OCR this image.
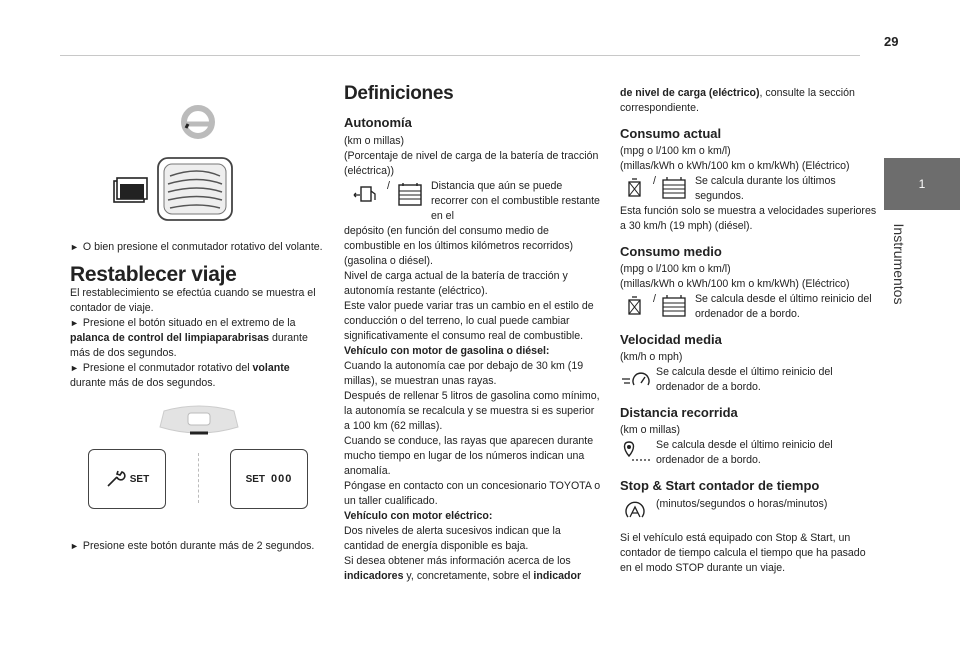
29
1
Instrumentos

► O bien presione el conmutador rotativo del volante.

Restablecer viaje

El restablecimiento se efectúa cuando se muestra el contador de viaje.

► Presione el botón situado en el extremo de la palanca de control del limpiaparabrisas durante más de dos segundos.

► Presione el conmutador rotativo del volante durante más de dos segundos.

SET	SET 000

► Presione este botón durante más de 2 segundos.

Definiciones
Autonomía

(km o millas)

(Porcentaje de nivel de carga de la batería de tracción (eléctrica))

/	Distancia que aún se puede recorrer con el combustible restante en el

depósito (en función del consumo medio de combustible en los últimos kilómetros recorridos) (gasolina o diésel).

Nivel de carga actual de la batería de tracción y autonomía restante (eléctrico).

Este valor puede variar tras un cambio en el estilo de conducción o del terreno, lo cual puede cambiar significativamente el consumo real de combustible.

Vehículo con motor de gasolina o diésel:

Cuando la autonomía cae por debajo de 30 km (19 millas), se muestran unas rayas.

Después de rellenar 5 litros de gasolina como mínimo, la autonomía se recalcula y se muestra si es superior a 100 km (62 millas).

Cuando se conduce, las rayas que aparecen durante mucho tiempo en lugar de los números indican una anomalía.

Póngase en contacto con un concesionario TOYOTA o un taller cualificado.

Vehículo con motor eléctrico:

Dos niveles de alerta sucesivos indican que la cantidad de energía disponible es baja.

Si desea obtener más información acerca de los indicadores y, concretamente, sobre el indicador

de nivel de carga (eléctrico), consulte la sección correspondiente.

Consumo actual

(mpg o l/100 km o km/l)

(millas/kWh o kWh/100 km o km/kWh) (Eléctrico)

/	Se calcula durante los últimos segundos.

Esta función solo se muestra a velocidades superiores a 30 km/h (19 mph) (diésel).

Consumo medio

(mpg o l/100 km o km/l)

(millas/kWh o kWh/100 km o km/kWh) (Eléctrico)

/	Se calcula desde el último reinicio del ordenador de a bordo.
Velocidad media

(km/h o mph)

Se calcula desde el último reinicio del ordenador de a bordo.
Distancia recorrida

(km o millas)

Se calcula desde el último reinicio del ordenador de a bordo.
Stop & Start contador de tiempo
(minutos/segundos o horas/minutos)

Si el vehículo está equipado con Stop & Start, un contador de tiempo calcula el tiempo que ha pasado en el modo STOP durante un viaje.
